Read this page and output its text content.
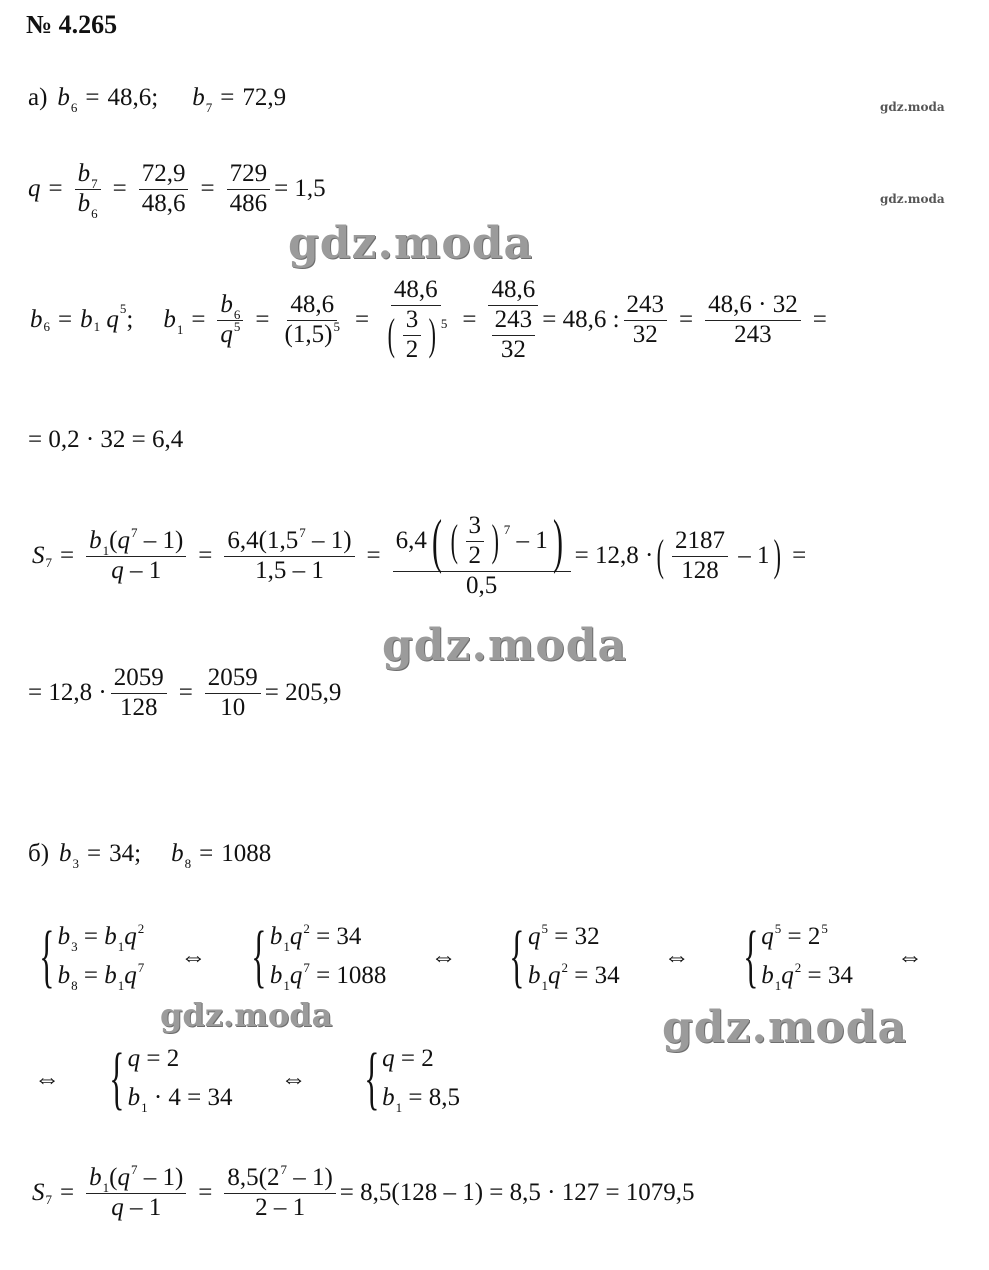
№ 4.265
а) $b_6 = 48,6$; $b_7 = 72,9$	gdz.moda
$q = \frac{b_7}{b_6} = \frac{72,9}{48,6} = \frac{729}{486} = 1,5$	gdz.moda
gdz.moda
b 6 = b 1
q 5 ; $b_1 = \frac{b_6}{q^5} = \frac{48,6}{(1,5)^5} = \frac{48,6}{( \frac{3}{2} ) 5} = \frac{48,6}{\frac{243}{32}} = 48,6$ : $\frac{243}{32} = \frac{48,6 \cdot 32}{243}$ =
= 0,2 · 32 = 6,4
S $7 = \frac{b_1(q^7 - 1)}{q - 1} = \frac{6,4(1,5^7 - 1)}{1,5 - 1} = \frac{6,4 ( ( \frac{3}{2} ) 7 - 1 )}{0,5} = 12,8$ · ( $\frac{2187}{128} - 1$ ) =
gdz.moda
= $12,8 \cdot \frac{2059}{128} = \frac{2059}{10} = 205,9$
б) $b_3 = 34$; $b_8 = 1088$
{ $b_3 = b_1q^2$
$b_8 = b_1q^7$ ⇔ { $b_1q^2 = 34$
$b_1q^7 = 1088$
⇔ { $q^5 = 32$
$b_1q^2 = 34$
⇔ { $q^5 = 2^5$
$b_1q^2 = 34$
⇔
gdz.moda	gdz.moda
⇔ { q = 2
$b_1 \cdot 4 = 34$
⇔ { q = 2
$b_1 = 8,5$
S $7 = \frac{b_1(q^7 - 1)}{q - 1} = \frac{8,5(2^7 - 1)}{2 - 1} = 8,5(128 - 1) = 8,5 \cdot 127 = 1079,5$
